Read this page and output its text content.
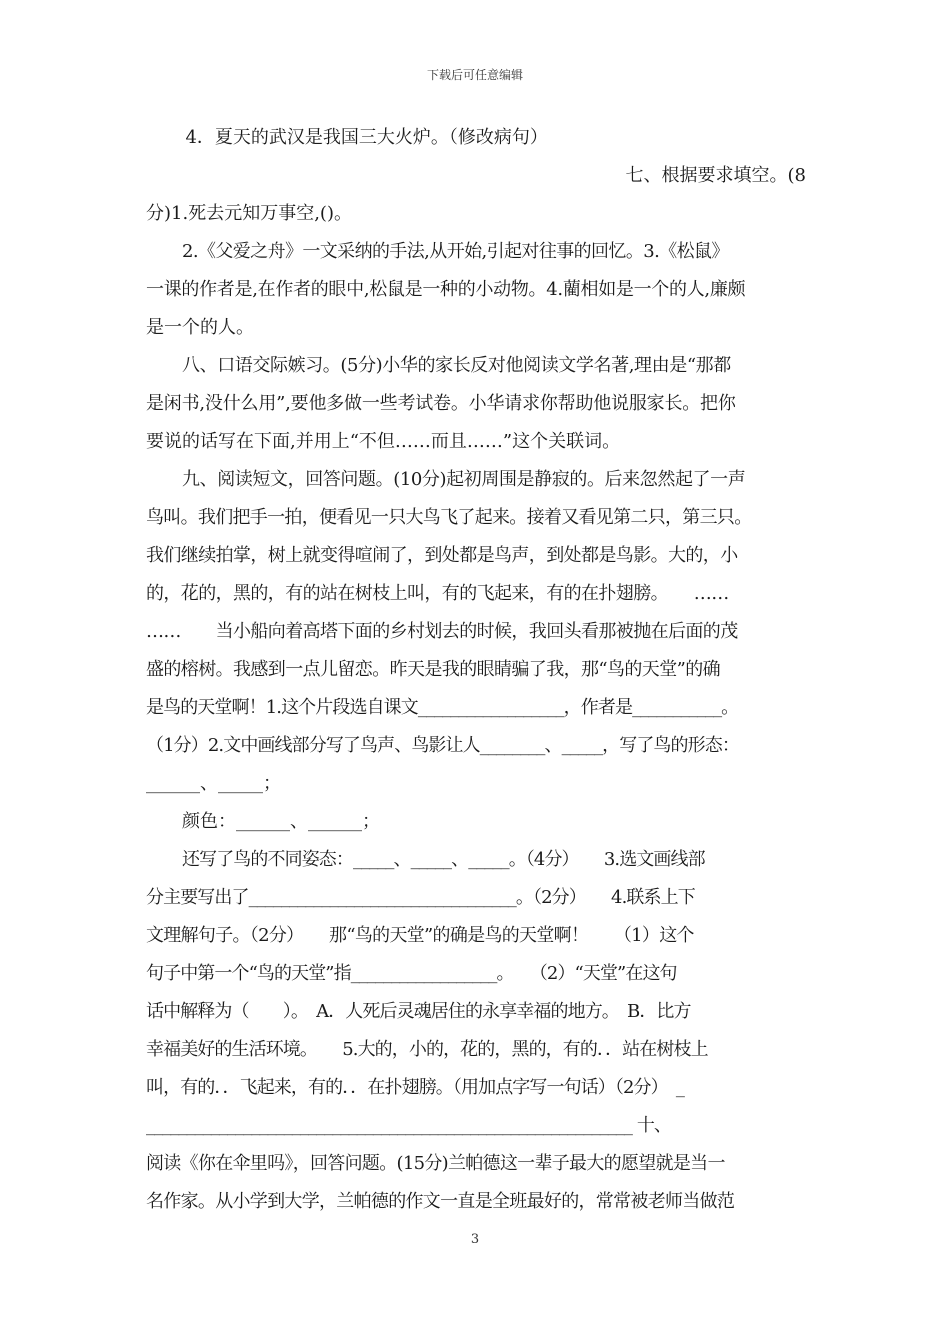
下载后可任意编辑
4．夏天的武汉是我国三大火炉。（修改病句）
七、根据要求填空。(8
分)1.死去元知万事空,()。
2.《父爱之舟》一文采纳的手法,从开始,引起对往事的回忆。3.《松鼠》
一课的作者是,在作者的眼中,松鼠是一种的小动物。4.藺相如是一个的人,廉颇
是一个的人。
八、口语交际嫉习。(5分)小华的家长反对他阅读文学名著,理由是“那都
是闲书,没什么用”,要他多做一些考试卷。小华请求你帮助他说服家长。把你
要说的话写在下面,并用上“不但……而且……”这个关联词。
九、阅读短文，回答问题。(10分)起初周围是静寂的。后来忽然起了一声
鸟叫。我们把手一拍，便看见一只大鸟飞了起来。接着又看见第二只，第三只。
我们继续拍掌，树上就变得喧闹了，到处都是鸟声，到处都是鸟影。大的，小
的，花的，黑的，有的站在树枝上叫，有的飞起来，有的在扑翅膀。　　……
……　　当小船向着高塔下面的乡村划去的时候，我回头看那被抛在后面的茂
盛的榕树。我感到一点儿留恋。昨天是我的眼睛骗了我，那“鸟的天堂”的确
是鸟的天堂啊！1.这个片段选自课文__________________，作者是___________。
（1分）2.文中画线部分写了鸟声、鸟影让人________、_____，写了鸟的形态：
______、_____；
颜色：______、______；
还写了鸟的不同姿态：_____、_____、_____。（4分）　　3.选文画线部
分主要写出了_________________________________。（2分）　　4.联系上下
文理解句子。（2分）　　那“鸟的天堂”的确是鸟的天堂啊！　　（1）这个
句子中第一个“鸟的天堂”指__________________。　　（2）“天堂”在这句
话中解释为（　　）。　A．人死后灵魂居住的永享幸福的地方。　B．比方
幸福美好的生活环境。　　5.大的，小的，花的，黑的，有的．．站在树枝上
叫，有的．．飞起来，有的．．在扑翅膀。（用加点字写一句话）（2分）　_
____________________________________________________________ 十、
阅读《你在伞里吗》，回答问题。(15分)兰帕德这一辈子最大的愿望就是当一
名作家。从小学到大学，兰帕德的作文一直是全班最好的，常常被老师当做范
3
